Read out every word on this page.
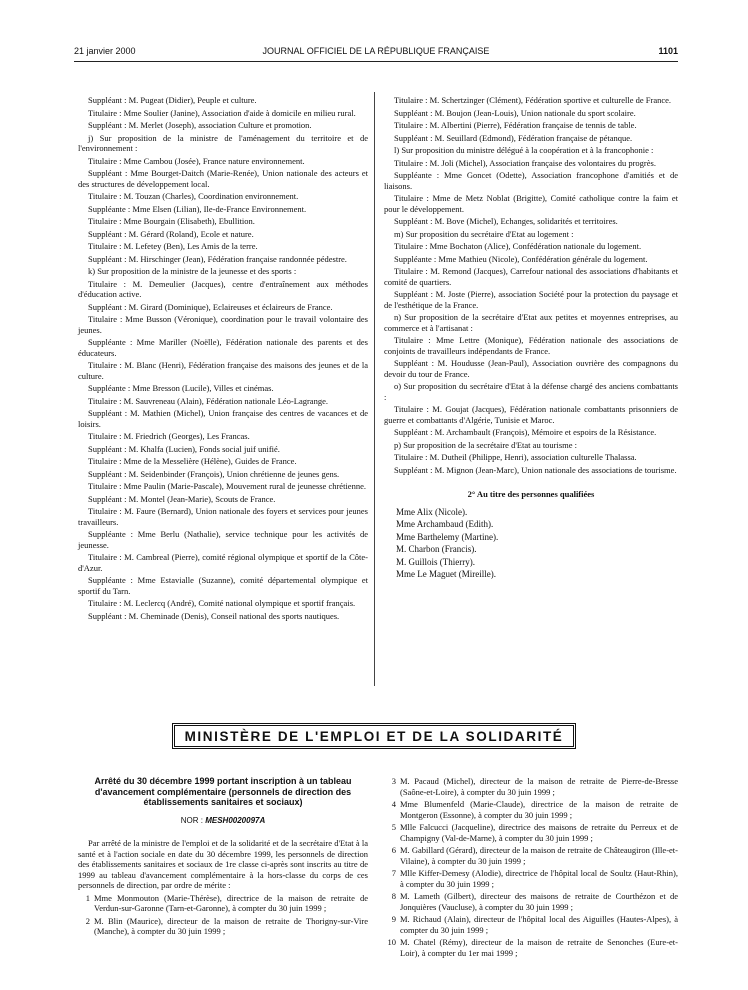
21 janvier 2000	JOURNAL OFFICIEL DE LA RÉPUBLIQUE FRANÇAISE	1101

Suppléant : M. Pugeat (Didier), Peuple et culture.

Titulaire : Mme Soulier (Janine), Association d'aide à domicile en milieu rural.

Suppléant : M. Merlet (Joseph), association Culture et promotion.

j) Sur proposition de la ministre de l'aménagement du territoire et de l'environnement :

Titulaire : Mme Cambou (Josée), France nature environnement.

Suppléant : Mme Bourget-Daitch (Marie-Renée), Union nationale des acteurs et des structures de développement local.

Titulaire : M. Touzan (Charles), Coordination environnement.

Suppléante : Mme Elsen (Lilian), Ile-de-France Environnement.

Titulaire : Mme Bourgain (Elisabeth), Ebullition.

Suppléant : M. Gérard (Roland), Ecole et nature.

Titulaire : M. Lefetey (Ben), Les Amis de la terre.

Suppléant : M. Hirschinger (Jean), Fédération française randonnée pédestre.

k) Sur proposition de la ministre de la jeunesse et des sports :

Titulaire : M. Demeulier (Jacques), centre d'entraînement aux méthodes d'éducation active.

Suppléant : M. Girard (Dominique), Eclaireuses et éclaireurs de France.

Titulaire : Mme Busson (Véronique), coordination pour le travail volontaire des jeunes.

Suppléante : Mme Mariller (Noëlle), Fédération nationale des parents et des éducateurs.

Titulaire : M. Blanc (Henri), Fédération française des maisons des jeunes et de la culture.

Suppléante : Mme Bresson (Lucile), Villes et cinémas.

Titulaire : M. Sauvreneau (Alain), Fédération nationale Léo-Lagrange.

Suppléant : M. Mathien (Michel), Union française des centres de vacances et de loisirs.

Titulaire : M. Friedrich (Georges), Les Francas.

Suppléant : M. Khalfa (Lucien), Fonds social juif unifié.

Titulaire : Mme de la Messelière (Hélène), Guides de France.

Suppléant : M. Seidenbinder (François), Union chrétienne de jeunes gens.

Titulaire : Mme Paulin (Marie-Pascale), Mouvement rural de jeunesse chrétienne.

Suppléant : M. Montel (Jean-Marie), Scouts de France.

Titulaire : M. Faure (Bernard), Union nationale des foyers et services pour jeunes travailleurs.

Suppléante : Mme Berlu (Nathalie), service technique pour les activités de jeunesse.

Titulaire : M. Cambreal (Pierre), comité régional olympique et sportif de la Côte-d'Azur.

Suppléante : Mme Estavialle (Suzanne), comité départemental olympique et sportif du Tarn.

Titulaire : M. Leclercq (André), Comité national olympique et sportif français.

Suppléant : M. Cheminade (Denis), Conseil national des sports nautiques.

Titulaire : M. Schertzinger (Clément), Fédération sportive et culturelle de France.

Suppléant : M. Boujon (Jean-Louis), Union nationale du sport scolaire.

Titulaire : M. Albertini (Pierre), Fédération française de tennis de table.

Suppléant : M. Seuillard (Edmond), Fédération française de pétanque.

l) Sur proposition du ministre délégué à la coopération et à la francophonie :

Titulaire : M. Joli (Michel), Association française des volontaires du progrès.

Suppléante : Mme Goncet (Odette), Association francophone d'amitiés et de liaisons.

Titulaire : Mme de Metz Noblat (Brigitte), Comité catholique contre la faim et pour le développement.

Suppléant : M. Bove (Michel), Echanges, solidarités et territoires.

m) Sur proposition du secrétaire d'Etat au logement :

Titulaire : Mme Bochaton (Alice), Confédération nationale du logement.

Suppléante : Mme Mathieu (Nicole), Confédération générale du logement.

Titulaire : M. Remond (Jacques), Carrefour national des associations d'habitants et comité de quartiers.

Suppléant : M. Joste (Pierre), association Société pour la protection du paysage et de l'esthétique de la France.

n) Sur proposition de la secrétaire d'Etat aux petites et moyennes entreprises, au commerce et à l'artisanat :

Titulaire : Mme Lettre (Monique), Fédération nationale des associations de conjoints de travailleurs indépendants de France.

Suppléant : M. Houdusse (Jean-Paul), Association ouvrière des compagnons du devoir du tour de France.

o) Sur proposition du secrétaire d'Etat à la défense chargé des anciens combattants :

Titulaire : M. Goujat (Jacques), Fédération nationale combattants prisonniers de guerre et combattants d'Algérie, Tunisie et Maroc.

Suppléant : M. Archambault (François), Mémoire et espoirs de la Résistance.

p) Sur proposition de la secrétaire d'Etat au tourisme :

Titulaire : M. Dutheil (Philippe, Henri), association culturelle Thalassa.

Suppléant : M. Mignon (Jean-Marc), Union nationale des associations de tourisme.

2° Au titre des personnes qualifiées
Mme Alix (Nicole).
Mme Archambaud (Edith).
Mme Barthelemy (Martine).
M. Charbon (Francis).
M. Guillois (Thierry).
Mme Le Maguet (Mireille).
MINISTÈRE DE L'EMPLOI ET DE LA SOLIDARITÉ
Arrêté du 30 décembre 1999 portant inscription à un tableau d'avancement complémentaire (personnels de direction des établissements sanitaires et sociaux)
NOR : MESH0020097A

Par arrêté de la ministre de l'emploi et de la solidarité et de la secrétaire d'Etat à la santé et à l'action sociale en date du 30 décembre 1999, les personnels de direction des établissements sanitaires et sociaux de 1re classe ci-après sont inscrits au titre de 1999 au tableau d'avancement complémentaire à la hors-classe du corps de ces personnels de direction, par ordre de mérite :

1 Mme Monmouton (Marie-Thérèse), directrice de la maison de retraite de Verdun-sur-Garonne (Tarn-et-Garonne), à compter du 30 juin 1999 ;
2 M. Blin (Maurice), directeur de la maison de retraite de Thorigny-sur-Vire (Manche), à compter du 30 juin 1999 ;
3 M. Pacaud (Michel), directeur de la maison de retraite de Pierre-de-Bresse (Saône-et-Loire), à compter du 30 juin 1999 ;
4 Mme Blumenfeld (Marie-Claude), directrice de la maison de retraite de Montgeron (Essonne), à compter du 30 juin 1999 ;
5 Mlle Falcucci (Jacqueline), directrice des maisons de retraite du Perreux et de Champigny (Val-de-Marne), à compter du 30 juin 1999 ;
6 M. Gabillard (Gérard), directeur de la maison de retraite de Châteaugiron (Ille-et-Vilaine), à compter du 30 juin 1999 ;
7 Mlle Kiffer-Demesy (Alodie), directrice de l'hôpital local de Soultz (Haut-Rhin), à compter du 30 juin 1999 ;
8 M. Lameth (Gilbert), directeur des maisons de retraite de Courthézon et de Jonquières (Vaucluse), à compter du 30 juin 1999 ;
9 M. Richaud (Alain), directeur de l'hôpital local des Aiguilles (Hautes-Alpes), à compter du 30 juin 1999 ;
10 M. Chatel (Rémy), directeur de la maison de retraite de Senonches (Eure-et-Loir), à compter du 1er mai 1999 ;
